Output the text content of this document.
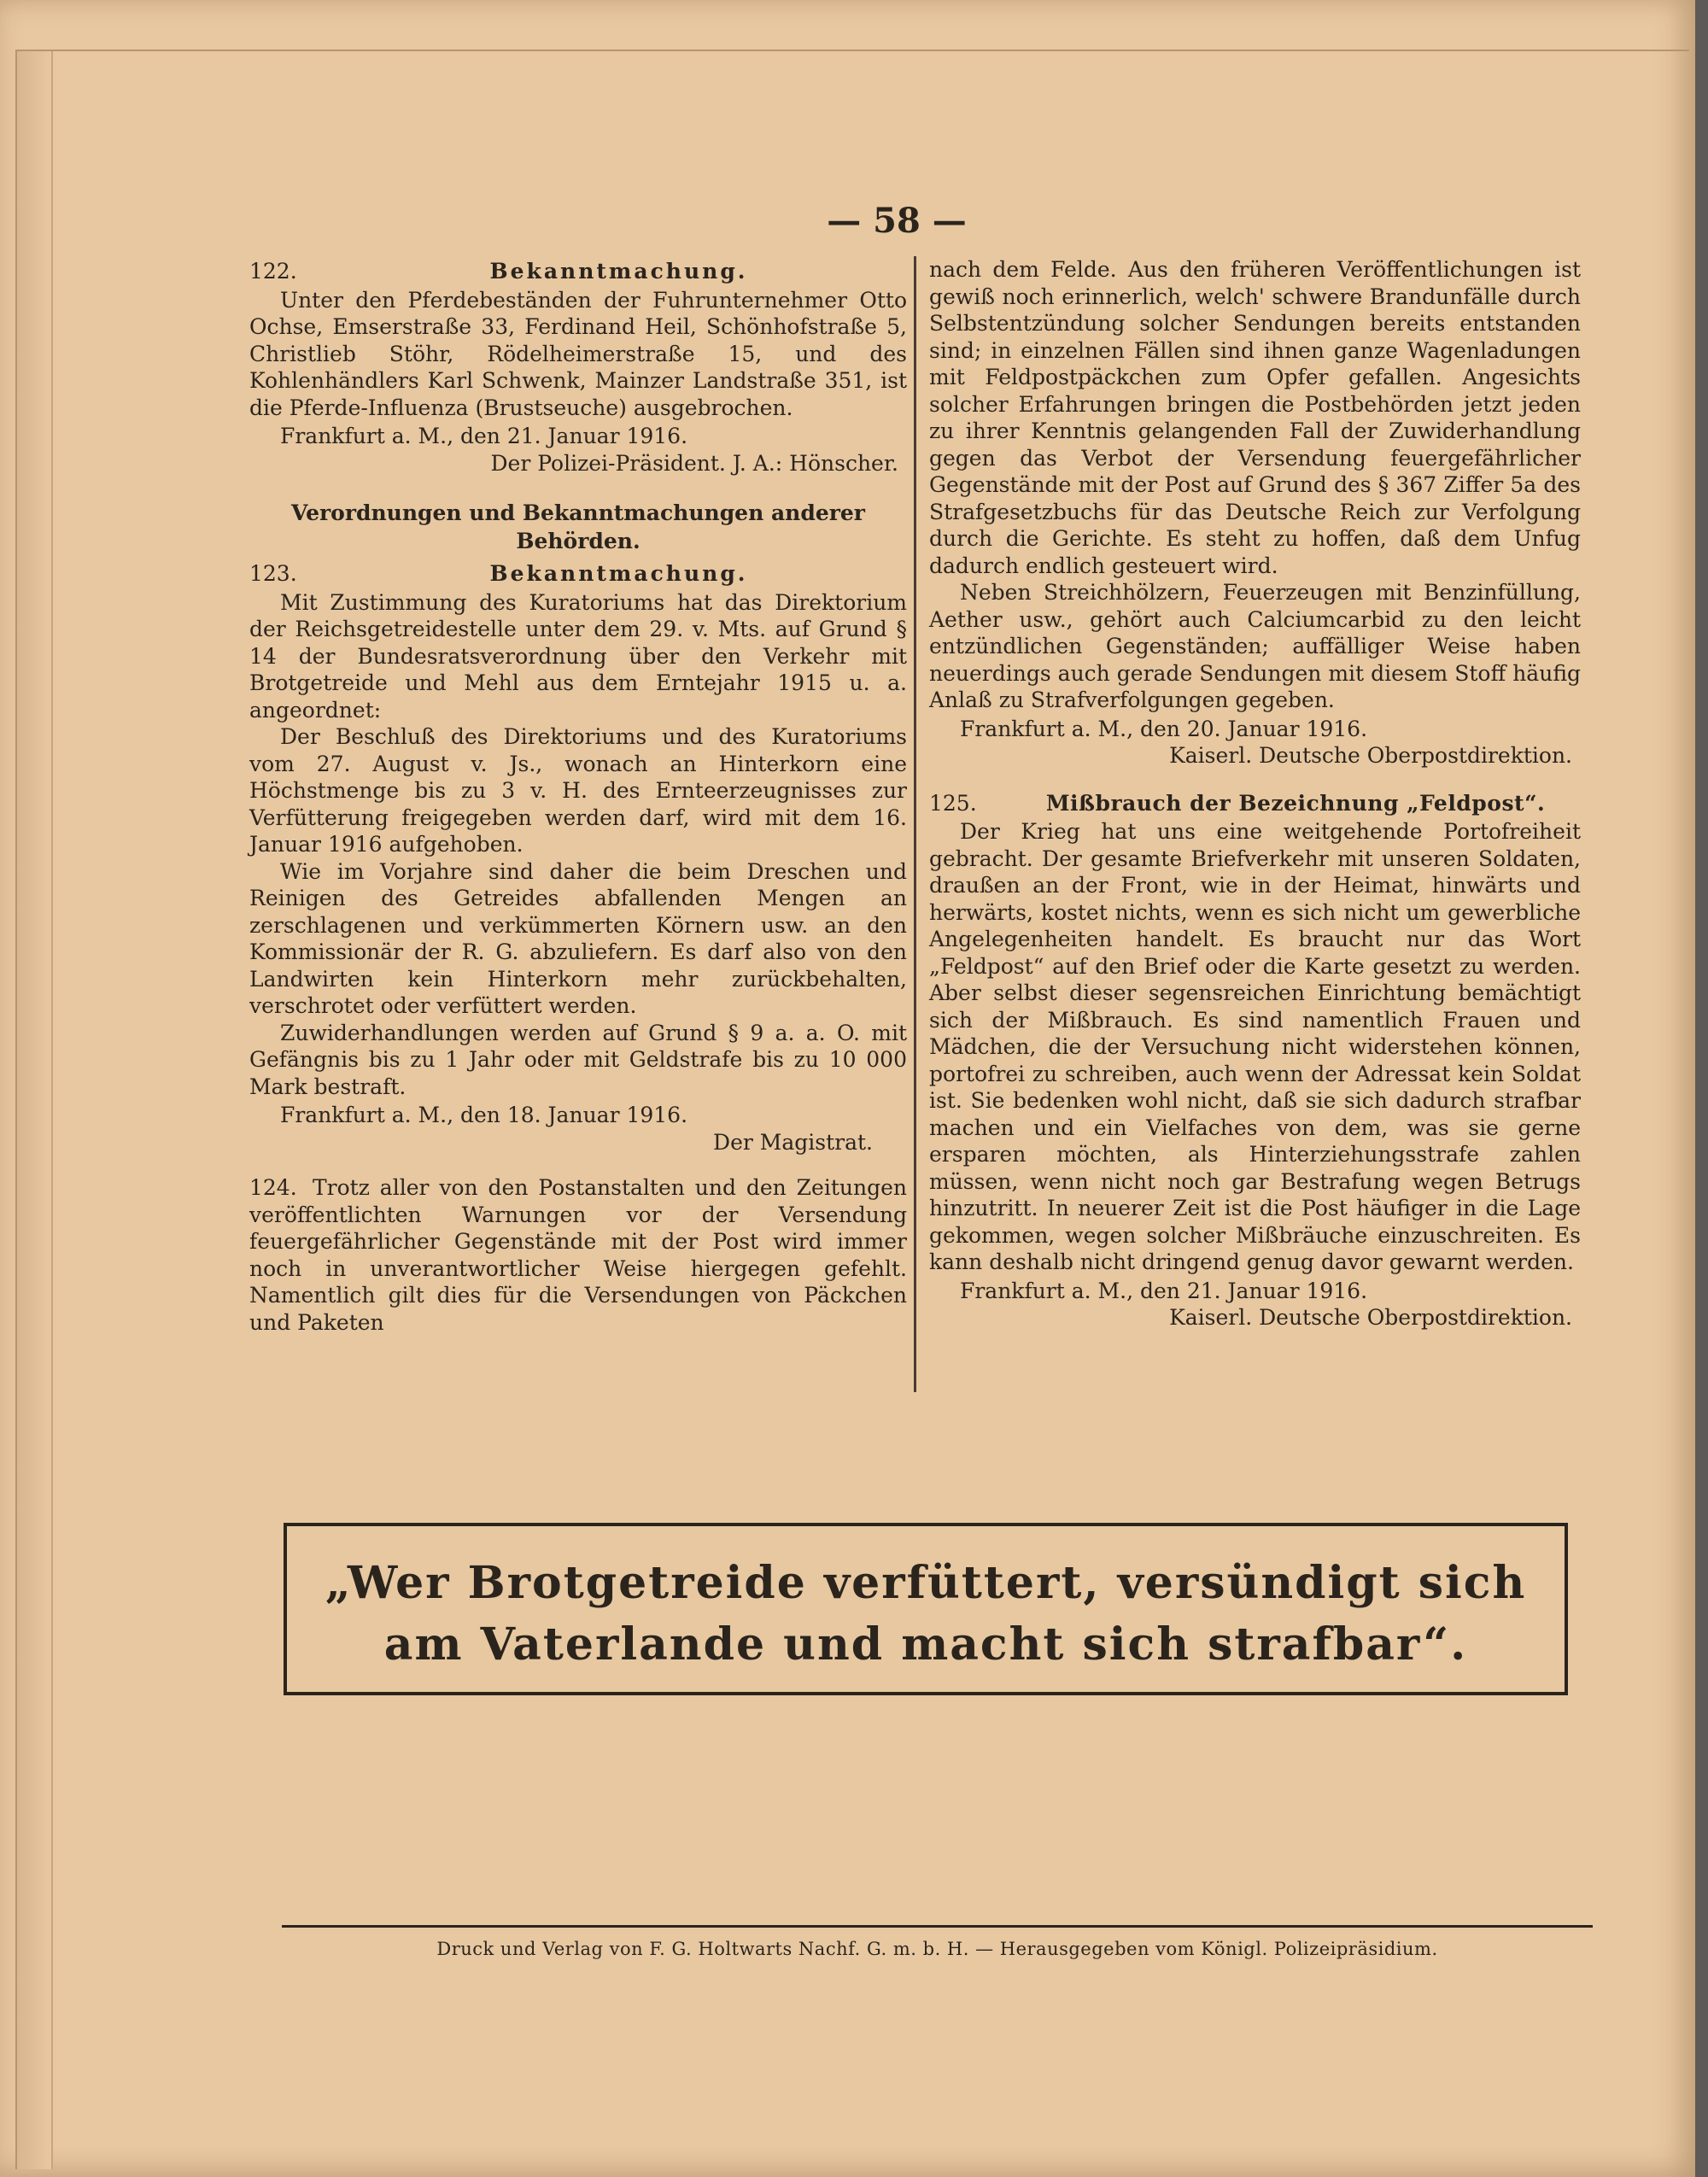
— 58 —
122.	Bekanntmachung.

Unter den Pferdebeständen der Fuhrunternehmer Otto Ochse, Emserstraße 33, Ferdinand Heil, Schönhofstraße 5, Christlieb Stöhr, Rödelheimerstraße 15, und des Kohlenhändlers Karl Schwenk, Mainzer Landstraße 351, ist die Pferde-Influenza (Brustseuche) ausgebrochen.

Frankfurt a. M., den 21. Januar 1916.

Der Polizei-Präsident. J. A.: Hönscher.

Verordnungen und Bekanntmachungen anderer Behörden.
123.	Bekanntmachung.

Mit Zustimmung des Kuratoriums hat das Direktorium der Reichsgetreidestelle unter dem 29. v. Mts. auf Grund § 14 der Bundesratsverordnung über den Verkehr mit Brotgetreide und Mehl aus dem Erntejahr 1915 u. a. angeordnet:

Der Beschluß des Direktoriums und des Kuratoriums vom 27. August v. Js., wonach an Hinterkorn eine Höchstmenge bis zu 3 v. H. des Ernteerzeugnisses zur Verfütterung freigegeben werden darf, wird mit dem 16. Januar 1916 aufgehoben.

Wie im Vorjahre sind daher die beim Dreschen und Reinigen des Getreides abfallenden Mengen an zerschlagenen und verkümmerten Körnern usw. an den Kommissionär der R. G. abzuliefern. Es darf also von den Landwirten kein Hinterkorn mehr zurückbehalten, verschrotet oder verfüttert werden.

Zuwiderhandlungen werden auf Grund § 9 a. a. O. mit Gefängnis bis zu 1 Jahr oder mit Geldstrafe bis zu 10 000 Mark bestraft.

Frankfurt a. M., den 18. Januar 1916.

Der Magistrat.

124. Trotz aller von den Postanstalten und den Zeitungen veröffentlichten Warnungen vor der Versendung feuergefährlicher Gegenstände mit der Post wird immer noch in unverantwortlicher Weise hiergegen gefehlt. Namentlich gilt dies für die Versendungen von Päckchen und Paketen

nach dem Felde. Aus den früheren Veröffentlichungen ist gewiß noch erinnerlich, welch' schwere Brandunfälle durch Selbstentzündung solcher Sendungen bereits entstanden sind; in einzelnen Fällen sind ihnen ganze Wagenladungen mit Feldpostpäckchen zum Opfer gefallen. Angesichts solcher Erfahrungen bringen die Postbehörden jetzt jeden zu ihrer Kenntnis gelangenden Fall der Zuwiderhandlung gegen das Verbot der Versendung feuergefährlicher Gegenstände mit der Post auf Grund des § 367 Ziffer 5a des Strafgesetzbuchs für das Deutsche Reich zur Verfolgung durch die Gerichte. Es steht zu hoffen, daß dem Unfug dadurch endlich gesteuert wird.

Neben Streichhölzern, Feuerzeugen mit Benzinfüllung, Aether usw., gehört auch Calciumcarbid zu den leicht entzündlichen Gegenständen; auffälliger Weise haben neuerdings auch gerade Sendungen mit diesem Stoff häufig Anlaß zu Strafverfolgungen gegeben.

Frankfurt a. M., den 20. Januar 1916.

Kaiserl. Deutsche Oberpostdirektion.

125.	Mißbrauch der Bezeichnung „Feldpost“.

Der Krieg hat uns eine weitgehende Portofreiheit gebracht. Der gesamte Briefverkehr mit unseren Soldaten, draußen an der Front, wie in der Heimat, hinwärts und herwärts, kostet nichts, wenn es sich nicht um gewerbliche Angelegenheiten handelt. Es braucht nur das Wort „Feldpost“ auf den Brief oder die Karte gesetzt zu werden. Aber selbst dieser segensreichen Einrichtung bemächtigt sich der Mißbrauch. Es sind namentlich Frauen und Mädchen, die der Versuchung nicht widerstehen können, portofrei zu schreiben, auch wenn der Adressat kein Soldat ist. Sie bedenken wohl nicht, daß sie sich dadurch strafbar machen und ein Vielfaches von dem, was sie gerne ersparen möchten, als Hinterziehungsstrafe zahlen müssen, wenn nicht noch gar Bestrafung wegen Betrugs hinzutritt. In neuerer Zeit ist die Post häufiger in die Lage gekommen, wegen solcher Mißbräuche einzuschreiten. Es kann deshalb nicht dringend genug davor gewarnt werden.

Frankfurt a. M., den 21. Januar 1916.

Kaiserl. Deutsche Oberpostdirektion.

„Wer Brotgetreide verfüttert, versündigt sich
am Vaterlande und macht sich strafbar“.
Druck und Verlag von F. G. Holtwarts Nachf. G. m. b. H. — Herausgegeben vom Königl. Polizeipräsidium.
